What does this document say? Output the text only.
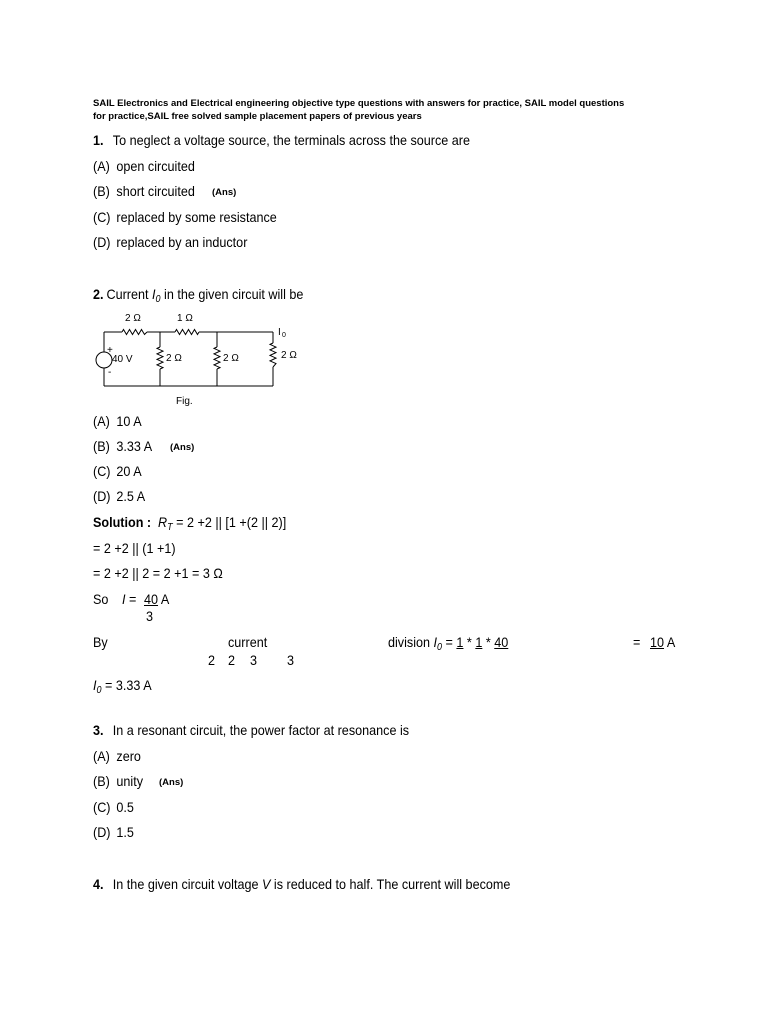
SAIL Electronics and Electrical engineering objective type questions with answers for practice, SAIL model questions
for practice,SAIL free solved sample placement papers of previous years
1. To neglect a voltage source, the terminals across the source are
(A) open circuited
(B) short circuited (Ans)
(C) replaced by some resistance
(D) replaced by an inductor
2. Current $I_0$ in the given circuit will be
2 Ω	1 Ω
2 Ω	2 Ω	2 Ω
I 0
+
40 V
-
Fig.
(A) 10 A
(B) 3.33 A (Ans)
(C) 20 A
(D) 2.5 A
Solution : $R_T = 2 +2$ || [1 +(2 || 2)]
= 2 +2 || (1 +1)
= 2 +2 || 2 = 2 +1 = 3 Ω
So I = 40 A
3
By	current	division $I_0 = 1 * 1 * 40$	= 10 A
2 2 3 3
$I_0 = 3.33$ A
3. In a resonant circuit, the power factor at resonance is
(A) zero
(B) unity (Ans)
(C) 0.5
(D) 1.5
4. In the given circuit voltage V is reduced to half. The current will become
